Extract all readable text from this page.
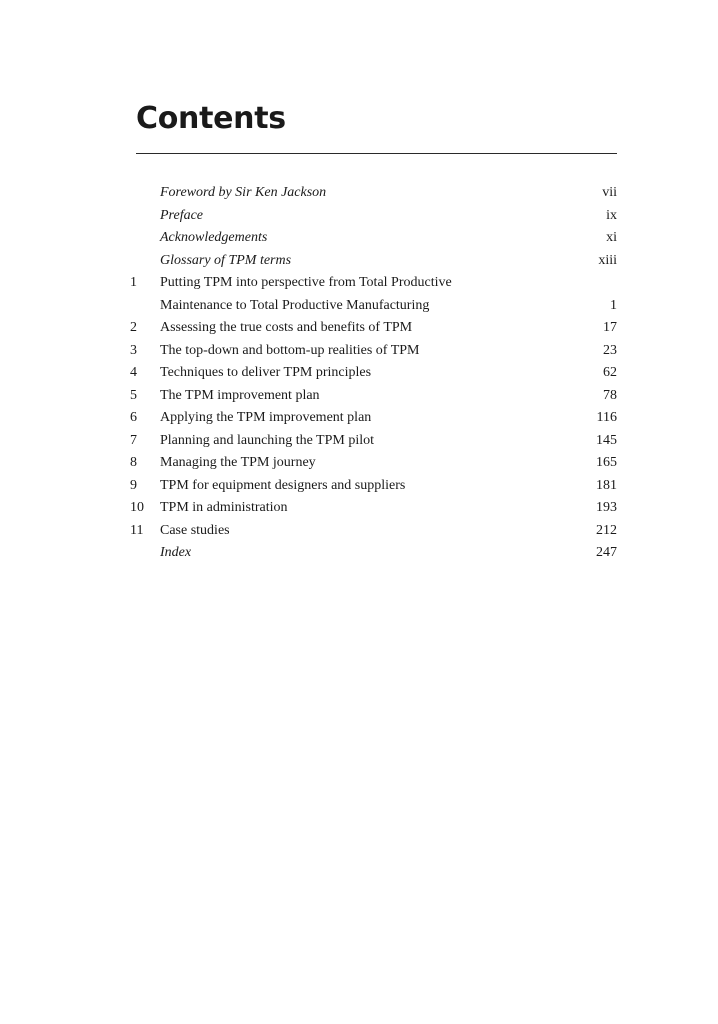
Contents
Foreword by Sir Ken Jackson	vii
Preface	ix
Acknowledgements	xi
Glossary of TPM terms	xiii
1	Putting TPM into perspective from Total Productive
Maintenance to Total Productive Manufacturing	1
2	Assessing the true costs and benefits of TPM	17
3	The top-down and bottom-up realities of TPM	23
4	Techniques to deliver TPM principles	62
5	The TPM improvement plan	78
6	Applying the TPM improvement plan	116
7	Planning and launching the TPM pilot	145
8	Managing the TPM journey	165
9	TPM for equipment designers and suppliers	181
10	TPM in administration	193
11	Case studies	212
Index	247
